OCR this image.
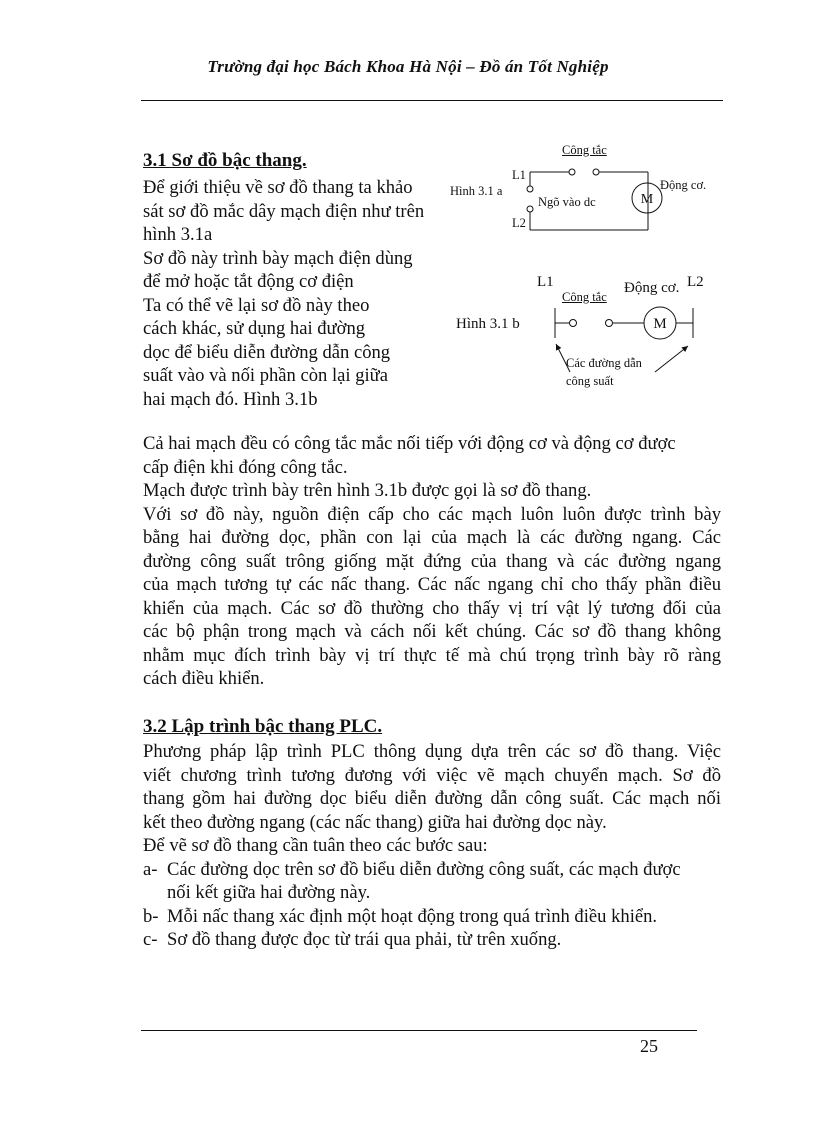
Trường đại học Bách Khoa Hà Nội – Đồ án Tốt Nghiệp
3.1 Sơ đồ bậc thang.
Để giới thiệu về sơ đồ thang ta khảo
sát sơ đồ mắc dây mạch điện như trên
hình 3.1a
Sơ đồ này trình bày mạch điện dùng
để mở hoặc tắt động cơ điện
Ta có thể vẽ lại sơ đồ này theo
cách khác, sử dụng hai đường
dọc để biểu diễn đường dẫn công
suất vào và nối phần còn lại giữa
hai mạch đó. Hình 3.1b
Hình 3.1 a
Công tắc
L1
L2
Ngõ vào dc
Động cơ.
M
Hình 3.1 b
L1	L2
Công tắc
Động cơ.
Các đường dẫn
công suất
M
Cả hai mạch đều có công tắc mắc nối tiếp với động cơ và động cơ được
cấp điện khi đóng công tắc.
Mạch được trình bày trên hình 3.1b được gọi là sơ đồ thang.
Với sơ đồ này, nguồn điện cấp cho các mạch luôn luôn được trình bày
bằng hai đường dọc, phần con lại của mạch là các đường ngang. Các
đường công suất trông giống mặt đứng của thang và các đường ngang
của mạch tương tự các nấc thang. Các nấc ngang chỉ cho thấy phần điều
khiển của mạch. Các sơ đồ thường cho thấy vị trí vật lý tương đối của
các bộ phận trong mạch và cách nối kết chúng. Các sơ đồ thang không
nhằm mục đích trình bày vị trí thực tế mà chú trọng trình bày rõ ràng
cách điều khiển.
3.2 Lập trình bậc thang PLC.
Phương pháp lập trình PLC thông dụng dựa trên các sơ đồ thang. Việc
viết chương trình tương đương với việc vẽ mạch chuyển mạch. Sơ đồ
thang gồm hai đường dọc biểu diễn đường dẫn công suất. Các mạch nối
kết theo đường ngang (các nấc thang) giữa hai đường dọc này.
Để vẽ sơ đồ thang cần tuân theo các bước sau:
a- Các đường dọc trên sơ đồ biểu diễn đường công suất, các mạch được
nối kết giữa hai đường này.
b- Mỗi nấc thang xác định một hoạt động trong quá trình điều khiển.
c- Sơ đồ thang được đọc từ trái qua phải, từ trên xuống.
25
